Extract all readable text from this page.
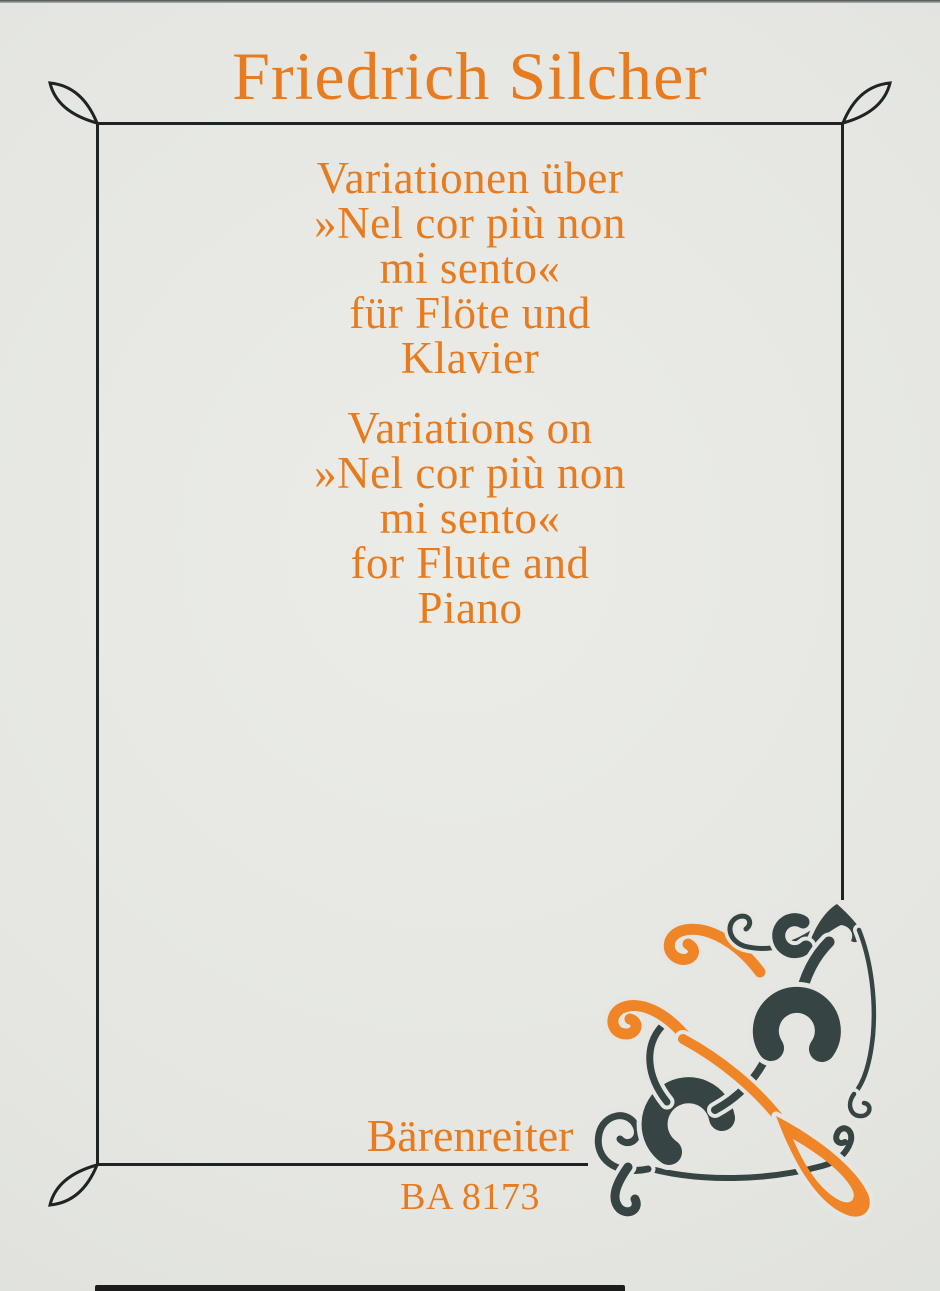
Friedrich Silcher
Variationen über
»Nel cor più non
mi sento«
für Flöte und
Klavier
Variations on
»Nel cor più non
mi sento«
for Flute and
Piano
Bärenreiter
BA 8173
